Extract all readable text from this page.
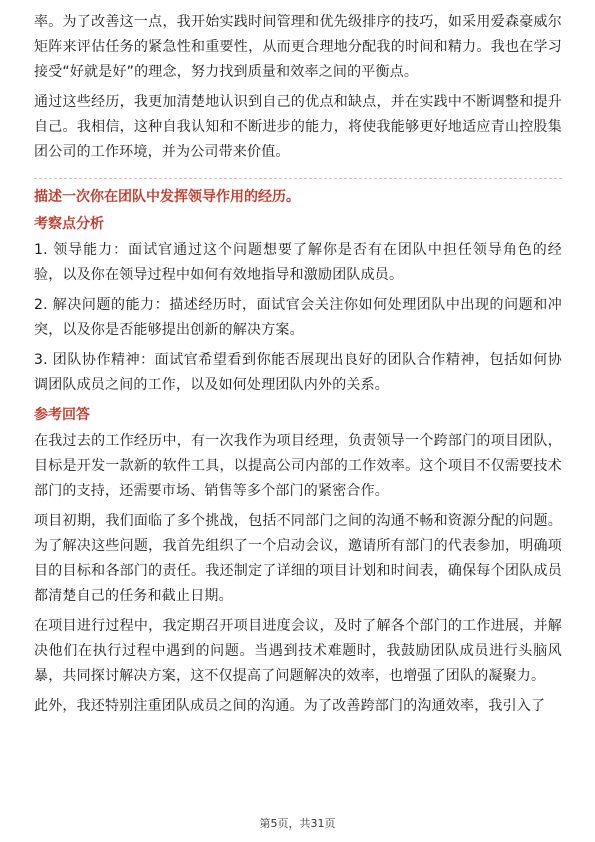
率。为了改善这一点，我开始实践时间管理和优先级排序的技巧，如采用爱森豪威尔矩阵来评估任务的紧急性和重要性，从而更合理地分配我的时间和精力。我也在学习接受“好就是好”的理念，努力找到质量和效率之间的平衡点。

通过这些经历，我更加清楚地认识到自己的优点和缺点，并在实践中不断调整和提升自己。我相信，这种自我认知和不断进步的能力，将使我能够更好地适应青山控股集团公司的工作环境，并为公司带来价值。

描述一次你在团队中发挥领导作用的经历。

考察点分析

1. 领导能力：面试官通过这个问题想要了解你是否有在团队中担任领导角色的经验，以及你在领导过程中如何有效地指导和激励团队成员。

2. 解决问题的能力：描述经历时，面试官会关注你如何处理团队中出现的问题和冲突，以及你是否能够提出创新的解决方案。

3. 团队协作精神：面试官希望看到你能否展现出良好的团队合作精神，包括如何协调团队成员之间的工作，以及如何处理团队内外的关系。

参考回答

在我过去的工作经历中，有一次我作为项目经理，负责领导一个跨部门的项目团队，目标是开发一款新的软件工具，以提高公司内部的工作效率。这个项目不仅需要技术部门的支持，还需要市场、销售等多个部门的紧密合作。

项目初期，我们面临了多个挑战，包括不同部门之间的沟通不畅和资源分配的问题。为了解决这些问题，我首先组织了一个启动会议，邀请所有部门的代表参加，明确项目的目标和各部门的责任。我还制定了详细的项目计划和时间表，确保每个团队成员都清楚自己的任务和截止日期。

在项目进行过程中，我定期召开项目进度会议，及时了解各个部门的工作进展，并解决他们在执行过程中遇到的问题。当遇到技术难题时，我鼓励团队成员进行头脑风暴，共同探讨解决方案，这不仅提高了问题解决的效率，也增强了团队的凝聚力。

此外，我还特别注重团队成员之间的沟通。为了改善跨部门的沟通效率，我引入了

第5页，共31页
